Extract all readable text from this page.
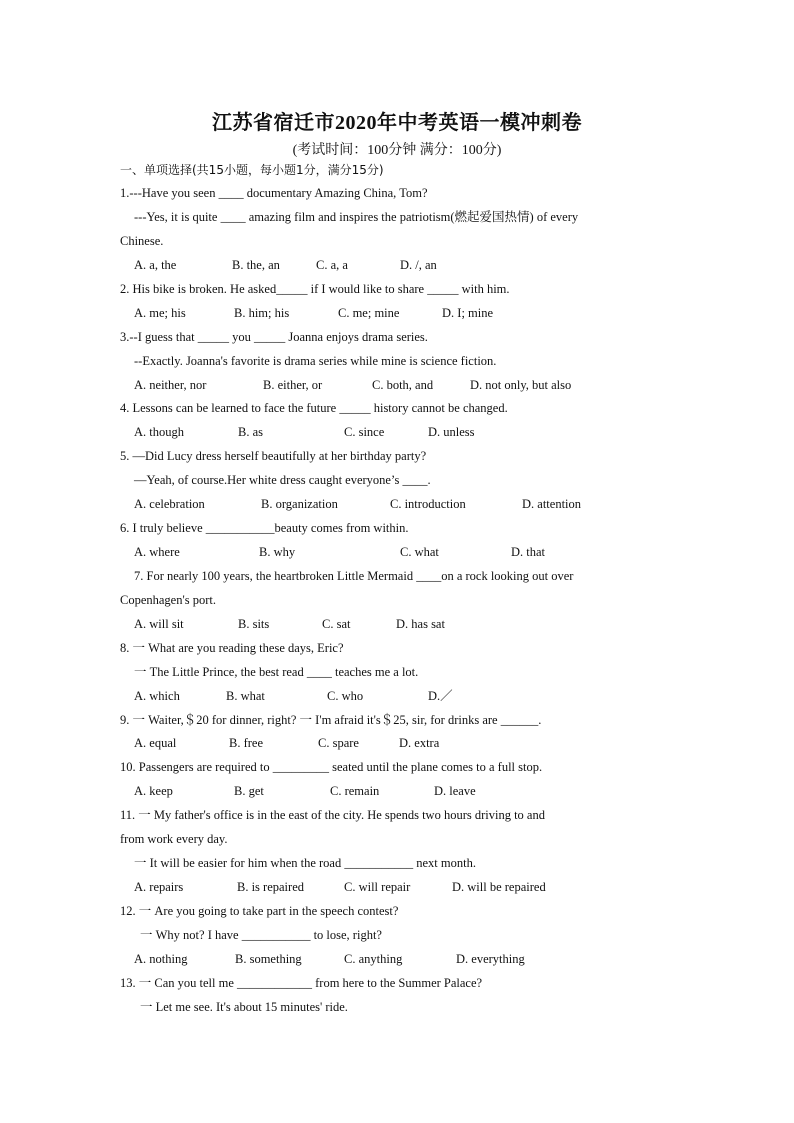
江苏省宿迁市2020年中考英语一模冲刺卷
(考试时间：100分钟 满分：100分)
一、单项选择(共15小题，每小题1分，满分15分)
1.---Have you seen ____ documentary Amazing China, Tom?
---Yes, it is quite ____ amazing film and inspires the patriotism(燃起爱国热情) of every
Chinese.
A. a, the	B. the, an	C. a, a	D. /, an
2. His bike is broken. He asked_____ if I would like to share _____ with him.
A. me; his	B. him; his	C. me; mine	D. I; mine
3.--I guess that _____ you _____ Joanna enjoys drama series.
--Exactly. Joanna's favorite is drama series while mine is science fiction.
A. neither, nor	B. either, or	C. both, and	D. not only, but also
4. Lessons can be learned to face the future _____ history cannot be changed.
A. though	B. as	C. since	D. unless
5. —Did Lucy dress herself beautifully at her birthday party?
—Yeah, of course.Her white dress caught everyone’s ____.
A. celebration	B. organization	C. introduction	D. attention
6. I truly believe ___________beauty comes from within.
A. where	B. why	C. what	D. that
7. For nearly 100 years, the heartbroken Little Mermaid ____on a rock looking out over
Copenhagen's port.
A. will sit	B. sits	C. sat	D. has sat
8. 一 What are you reading these days, Eric?
一 The Little Prince, the best read ____ teaches me a lot.
A. which	B. what	C. who	D.／
9. 一 Waiter,＄20 for dinner, right? 一 I'm afraid it's＄25, sir, for drinks are ______.
A. equal	B. free	C. spare	D. extra
10. Passengers are required to _________ seated until the plane comes to a full stop.
A. keep	B. get	C. remain	D. leave
11. 一 My father's office is in the east of the city. He spends two hours driving to and
from work every day.
一 It will be easier for him when the road ___________ next month.
A. repairs	B. is repaired	C. will repair	D. will be repaired
12. 一 Are you going to take part in the speech contest?
一 Why not? I have ___________ to lose, right?
A. nothing	B. something	C. anything	D. everything
13. 一 Can you tell me ____________ from here to the Summer Palace?
一 Let me see. It's about 15 minutes' ride.
